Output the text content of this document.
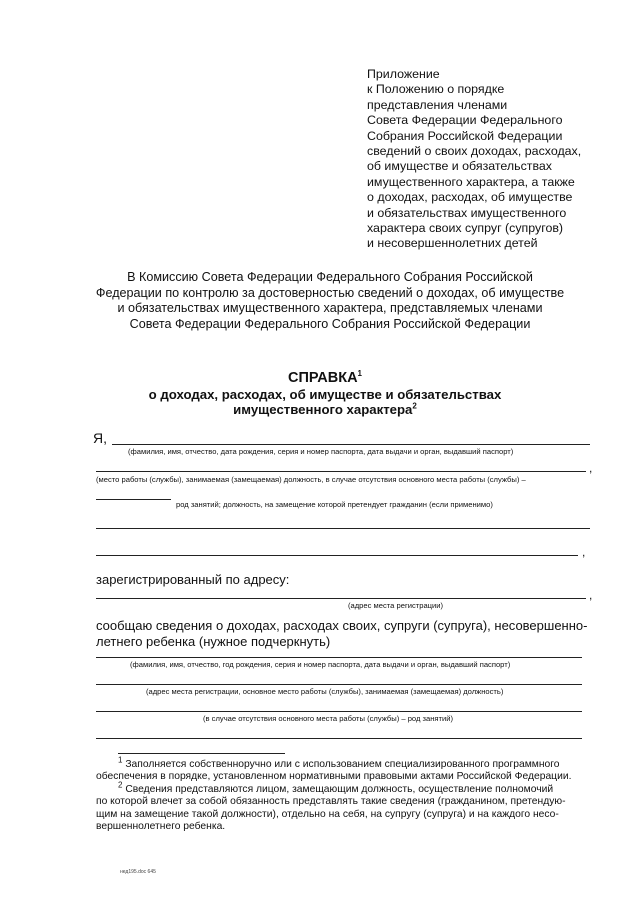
Приложение
к Положению о порядке
представления членами
Совета Федерации Федерального
Собрания Российской Федерации
сведений о своих доходах, расходах,
об имуществе и обязательствах
имущественного характера, а также
о доходах, расходах, об имуществе
и обязательствах имущественного
характера своих супруг (супругов)
и несовершеннолетних детей
В Комиссию Совета Федерации Федерального Собрания Российской
Федерации по контролю за достоверностью сведений о доходах, об имуществе
и обязательствах имущественного характера, представляемых членами
Совета Федерации Федерального Собрания Российской Федерации
СПРАВКА$^1$
о доходах, расходах, об имуществе и обязательствах
имущественного характера$^2$
Я,
(фамилия, имя, отчество, дата рождения, серия и номер паспорта, дата выдачи и орган, выдавший паспорт)
,
(место работы (службы), занимаемая (замещаемая) должность, в случае отсутствия основного места работы (службы) –
род занятий; должность, на замещение которой претендует гражданин (если применимо)
,
зарегистрированный по адресу:
,
(адрес места регистрации)
сообщаю сведения о доходах, расходах своих, супруги (супруга), несовершенно-
летнего ребенка (нужное подчеркнуть)
(фамилия, имя, отчество, год рождения, серия и номер паспорта, дата выдачи и орган, выдавший паспорт)
(адрес места регистрации, основное место работы (службы), занимаемая (замещаемая) должность)
(в случае отсутствия основного места работы (службы) – род занятий)
$^1$ Заполняется собственноручно или с использованием специализированного программного
обеспечения в порядке, установленном нормативными правовыми актами Российской Федерации.
$^2$ Сведения представляются лицом, замещающим должность, осуществление полномочий
по которой влечет за собой обязанность представлять такие сведения (гражданином, претендую-
щим на замещение такой должности), отдельно на себя, на супругу (супруга) и на каждого несо-
вершеннолетнего ребенка.
нед195.doc 645
